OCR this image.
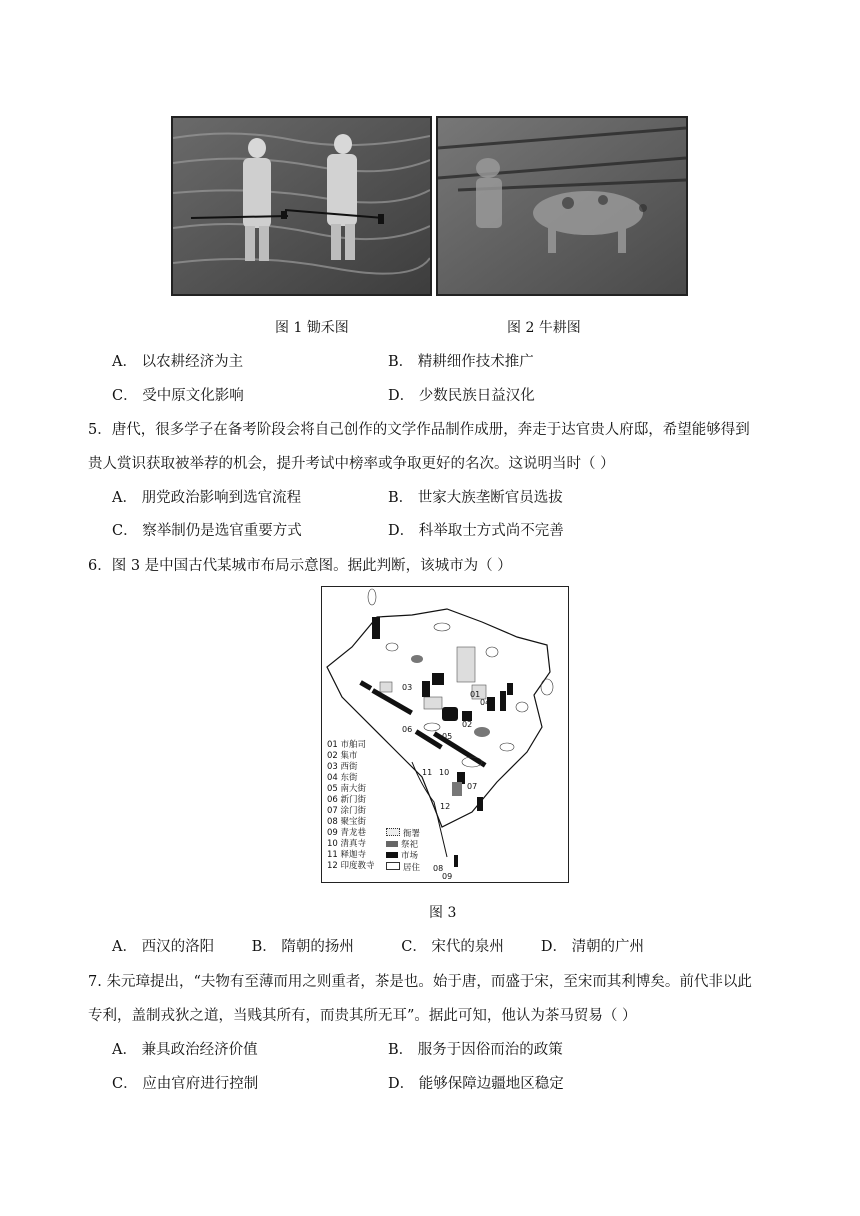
图 1 锄禾图	图 2 牛耕图
A． 以农耕经济为主	B． 精耕细作技术推广
C． 受中原文化影响	D． 少数民族日益汉化
5．唐代，很多学子在备考阶段会将自己创作的文学作品制作成册，奔走于达官贵人府邸，希望能够得到
贵人赏识获取被举荐的机会，提升考试中榜率或争取更好的名次。这说明当时（ ）
A． 朋党政治影响到选官流程	B． 世家大族垄断官员选拔
C． 察举制仍是选官重要方式	D． 科举取士方式尚不完善
6．图 3 是中国古代某城市布局示意图。据此判断，该城市为（ ）
03
04
01
02
06
05
10
07
11
12
08
09
01 市舶司
02 集市
03 西街
04 东街
05 南大街
06 新门街
07 涂门街
08 聚宝街
09 青龙巷
10 清真寺
11 释迦寺
12 印度教寺
衙署
祭祀
市场
居住
图 3
A． 西汉的洛阳	B． 隋朝的扬州	C． 宋代的泉州	D． 清朝的广州
7. 朱元璋提出，“夫物有至薄而用之则重者，茶是也。始于唐，而盛于宋，至宋而其利博矣。前代非以此
专利，盖制戎狄之道，当贱其所有，而贵其所无耳”。据此可知，他认为茶马贸易（ ）
A． 兼具政治经济价值	B． 服务于因俗而治的政策
C． 应由官府进行控制	D． 能够保障边疆地区稳定
